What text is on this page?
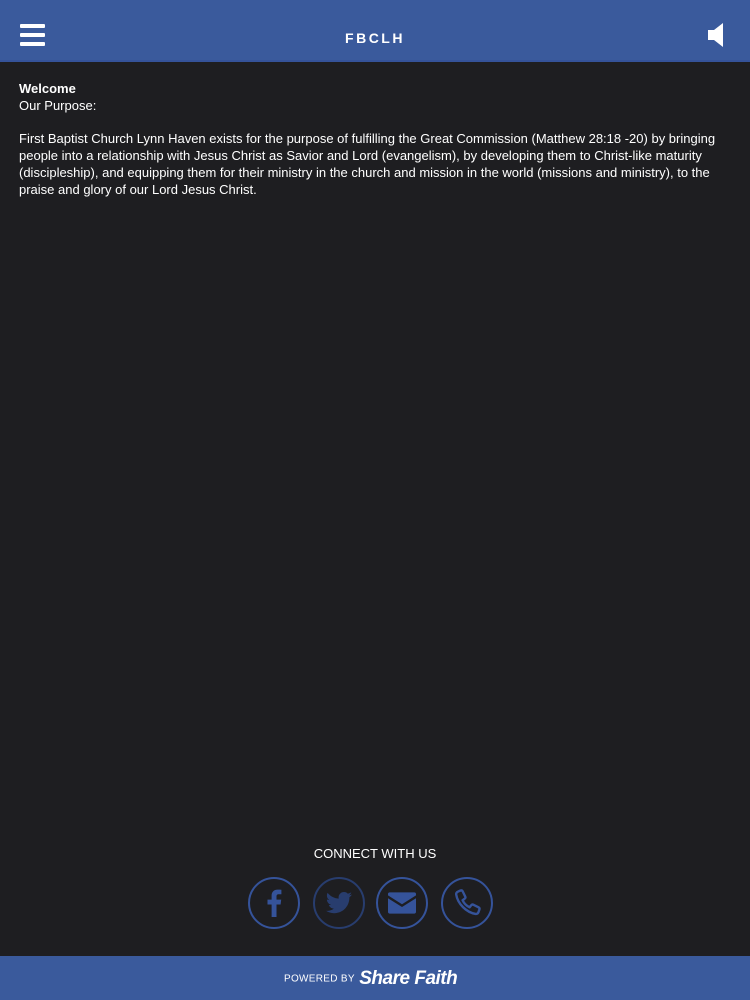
FBCLH

Welcome

Our Purpose:

First Baptist Church Lynn Haven exists for the purpose of fulfilling the Great Commission (Matthew 28:18 -20) by bringing people into a relationship with Jesus Christ as Savior and Lord (evangelism), by developing them to Christ-like maturity (discipleship), and equipping them for their ministry in the church and mission in the world (missions and ministry), to the praise and glory of our Lord Jesus Christ.

CONNECT WITH US
POWERED BY Share Faith
